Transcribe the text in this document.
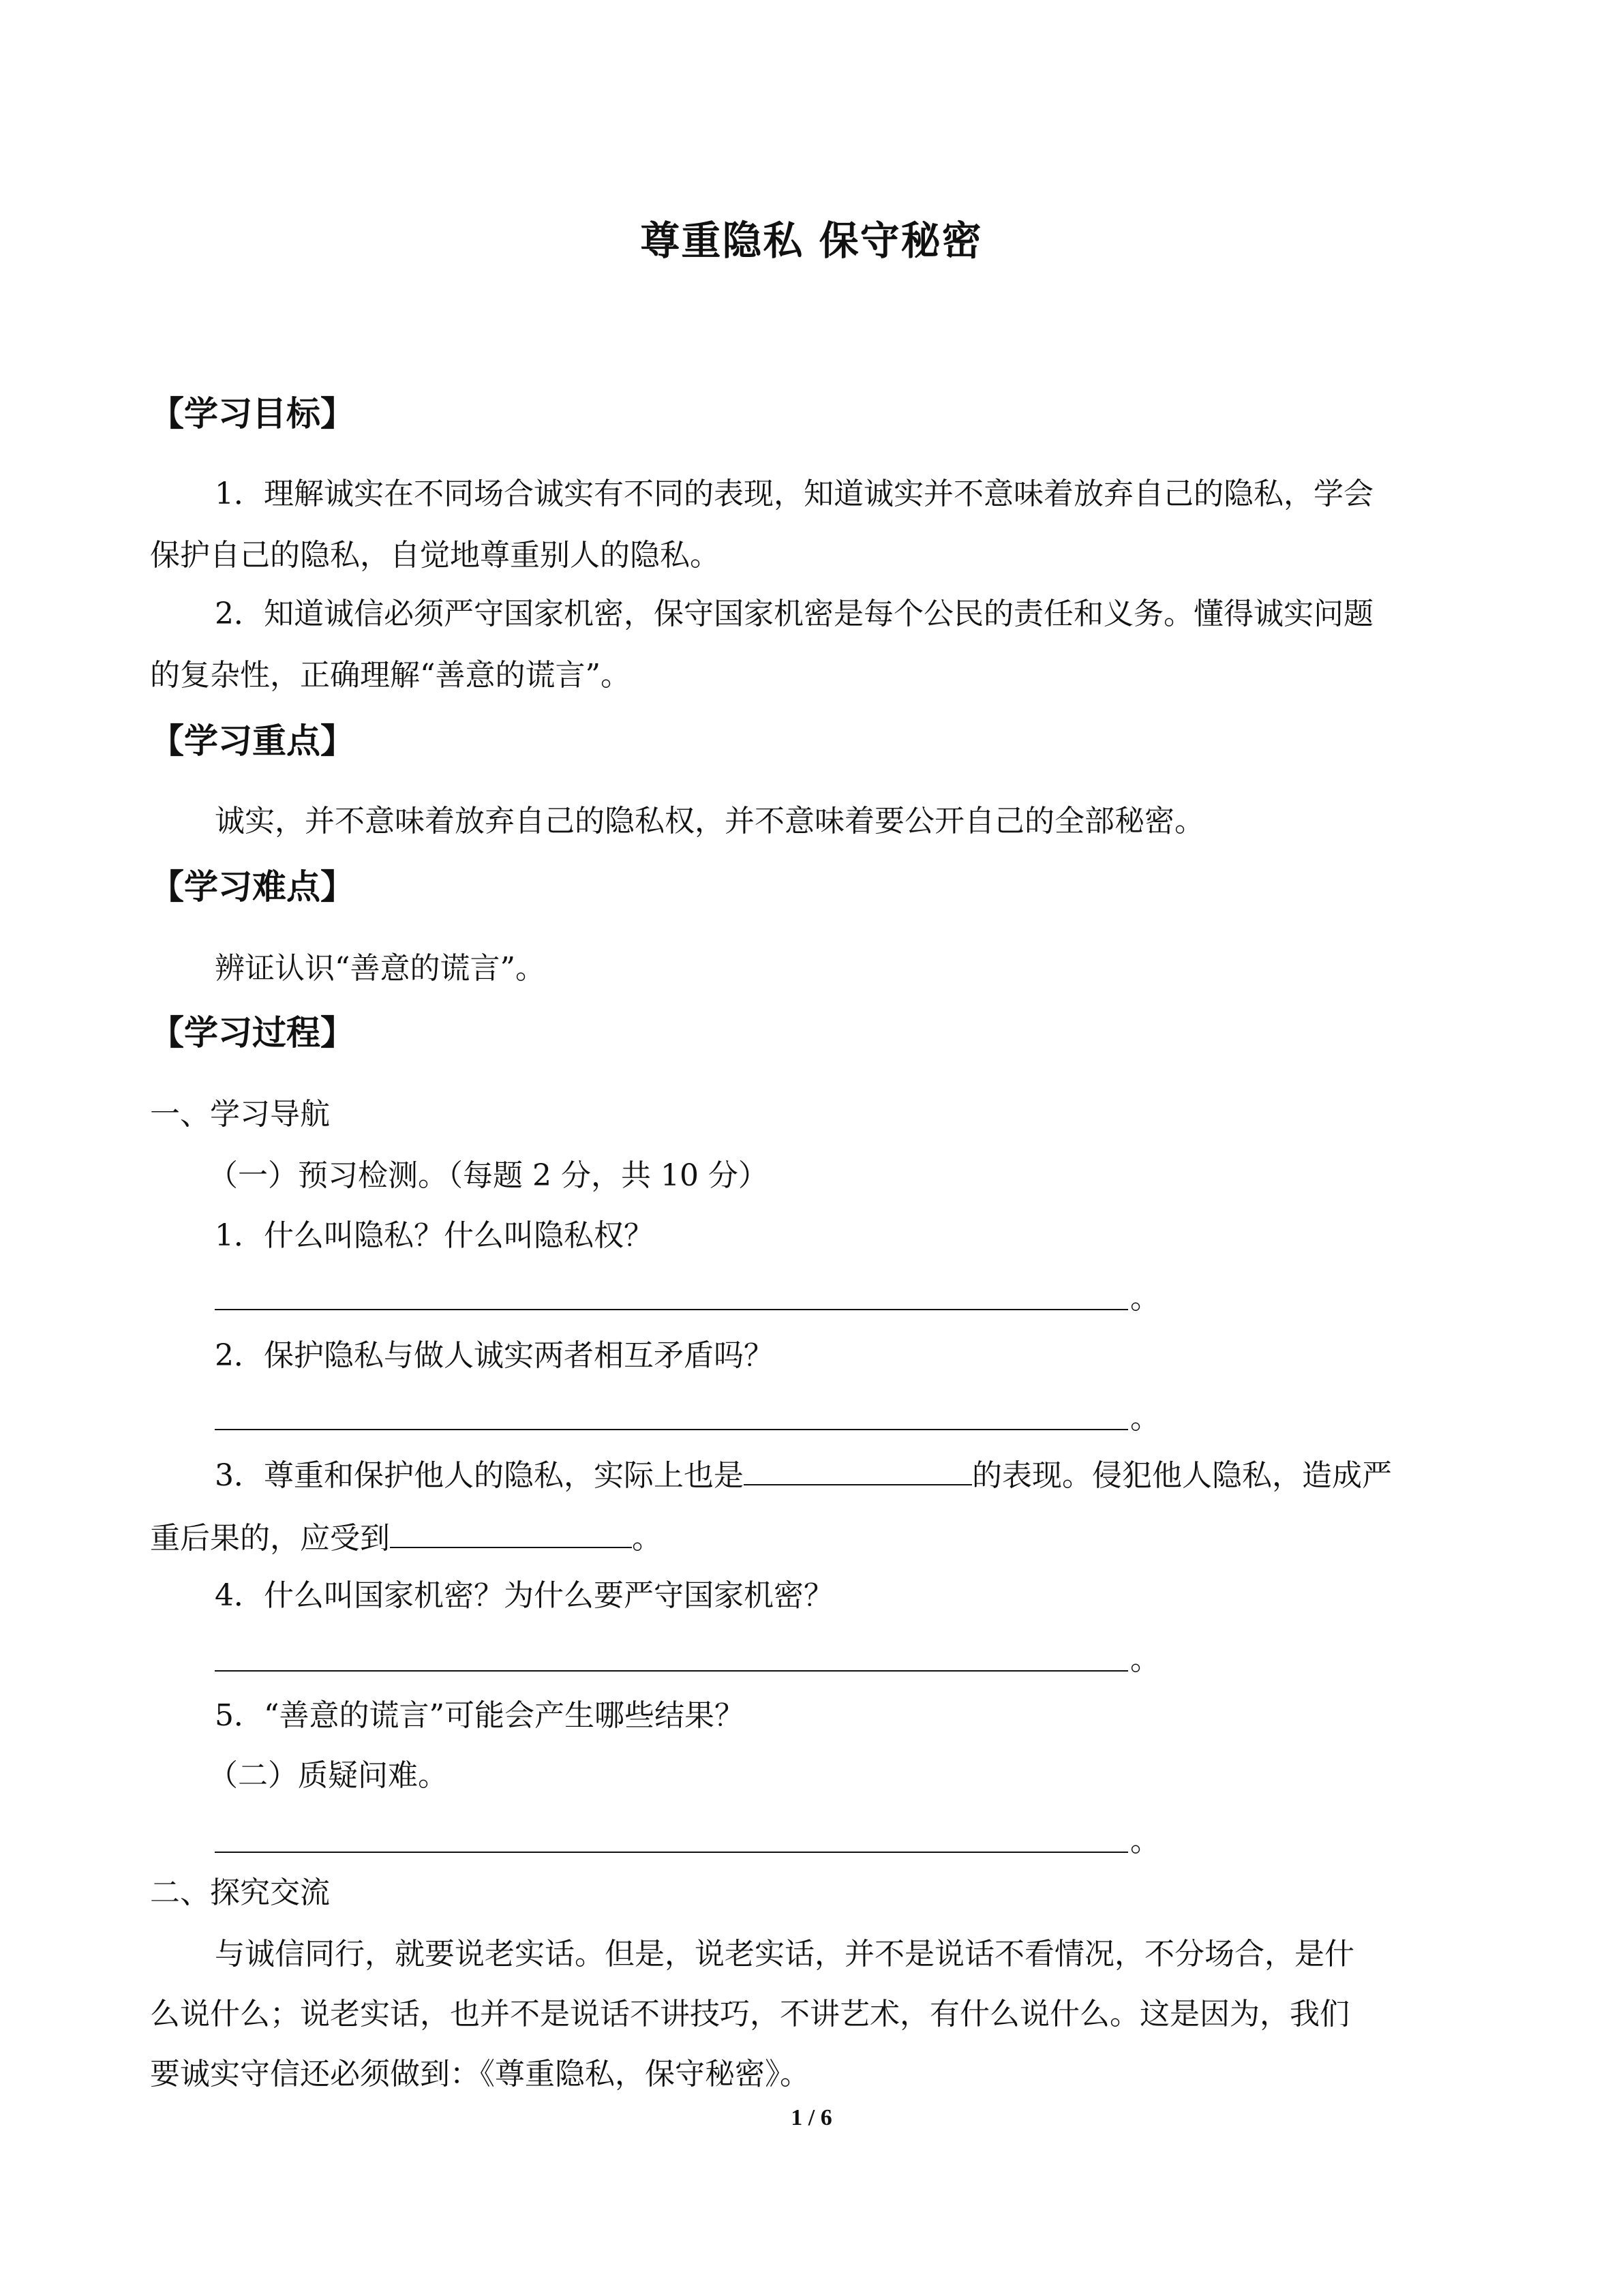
尊重隐私 保守秘密
【学习目标】
1．理解诚实在不同场合诚实有不同的表现，知道诚实并不意味着放弃自己的隐私，学会
保护自己的隐私，自觉地尊重别人的隐私。
2．知道诚信必须严守国家机密，保守国家机密是每个公民的责任和义务。懂得诚实问题
的复杂性，正确理解“善意的谎言”。
【学习重点】
诚实，并不意味着放弃自己的隐私权，并不意味着要公开自己的全部秘密。
【学习难点】
辨证认识“善意的谎言”。
【学习过程】
一、学习导航
（一）预习检测。（每题 2 分，共 10 分）
1．什么叫隐私？什么叫隐私权？
。
2．保护隐私与做人诚实两者相互矛盾吗？
。
3．尊重和保护他人的隐私，实际上也是	的表现。侵犯他人隐私，造成严
重后果的，应受到	。
4．什么叫国家机密？为什么要严守国家机密？
。
5．“善意的谎言”可能会产生哪些结果？
（二）质疑问难。
。
二、探究交流
与诚信同行，就要说老实话。但是，说老实话，并不是说话不看情况，不分场合，是什
么说什么；说老实话，也并不是说话不讲技巧，不讲艺术，有什么说什么。这是因为，我们
要诚实守信还必须做到：《尊重隐私，保守秘密》。
1 / 6
